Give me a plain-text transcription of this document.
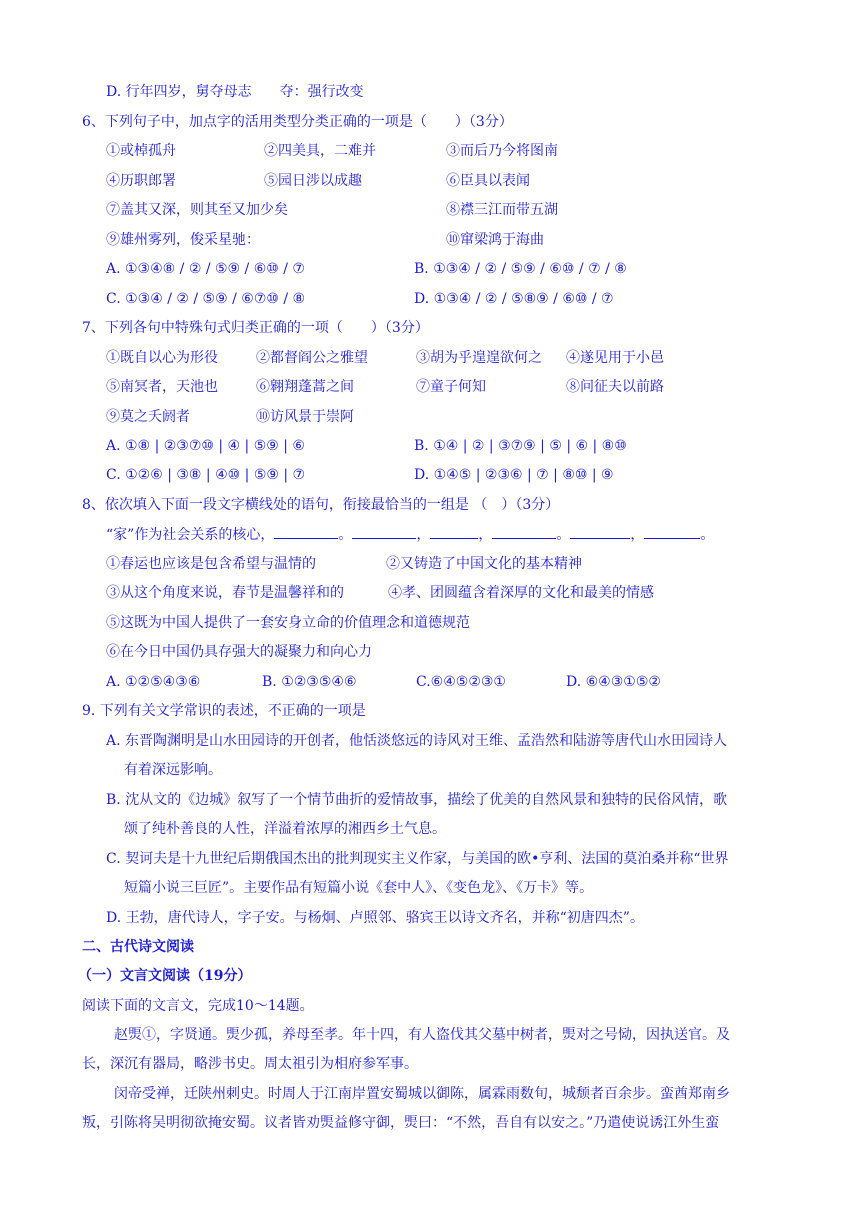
D. 行年四岁，舅夺母志　　夺：强行改变
6、下列句子中，加点字的活用类型分类正确的一项是（　　）（3分）
①或棹孤舟	②四美具，二难并	③而后乃今将图南
④历职郎署	⑤园日涉以成趣	⑥臣具以表闻
⑦盖其又深，则其至又加少矣	⑧襟三江而带五湖
⑨雄州雾列，俊采星驰：	⑩窜梁鸿于海曲
A. ①③④⑧ / ② / ⑤⑨ / ⑥⑩ / ⑦	B. ①③④ / ② / ⑤⑨ / ⑥⑩ / ⑦ / ⑧
C. ①③④ / ② / ⑤⑨ / ⑥⑦⑩ / ⑧	D. ①③④ / ② / ⑤⑧⑨ / ⑥⑩ / ⑦
7、下列各句中特殊句式归类正确的一项（　　）（3分）
①既自以心为形役	②都督阎公之雅望	③胡为乎遑遑欲何之 ④遂见用于小邑
⑤南冥者，天池也	⑥翱翔蓬蒿之间	⑦童子何知	⑧问征夫以前路
⑨莫之夭阏者	⑩访风景于崇阿
A. ①⑧ | ②③⑦⑩ | ④ | ⑤⑨ | ⑥	B. ①④ | ② | ③⑦⑨ | ⑤ | ⑥ | ⑧⑩
C. ①②⑥ | ③⑧ | ④⑩ | ⑤⑨ | ⑦	D. ①④⑤ | ②③⑥ | ⑦ | ⑧⑩ | ⑨
8、依次填入下面一段文字横线处的语句，衔接最恰当的一组是 （　）（3分）
“家”作为社会关系的核心，	。	，	，	。	，	。
①春运也应该是包含希望与温情的	②又铸造了中国文化的基本精神
③从这个角度来说，春节是温馨祥和的	④孝、团圆蕴含着深厚的文化和最美的情感
⑤这既为中国人提供了一套安身立命的价值理念和道德规范
⑥在今日中国仍具存强大的凝聚力和向心力
A. ①②⑤④③⑥	B. ①②③⑤④⑥	C.⑥④⑤②③①	D. ⑥④③①⑤②
9. 下列有关文学常识的表述，不正确的一项是
A. 东晋陶渊明是山水田园诗的开创者，他恬淡悠远的诗风对王维、孟浩然和陆游等唐代山水田园诗人
有着深远影响。
B. 沈从文的《边城》叙写了一个情节曲折的爱情故事，描绘了优美的自然风景和独特的民俗风情，歌
颂了纯朴善良的人性，洋溢着浓厚的湘西乡土气息。
C. 契诃夫是十九世纪后期俄国杰出的批判现实主义作家，与美国的欧•亨利、法国的莫泊桑并称“世界
短篇小说三巨匠”。主要作品有短篇小说《套中人》、《变色龙》、《万卡》等。
D. 王勃，唐代诗人，字子安。与杨炯、卢照邻、骆宾王以诗文齐名，并称“初唐四杰”。
二、古代诗文阅读
（一）文言文阅读（19分）
阅读下面的文言文，完成10～14题。
赵煚①，字贤通。煚少孤，养母至孝。年十四，有人盗伐其父墓中树者，煚对之号恸，因执送官。及
长，深沉有器局，略涉书史。周太祖引为相府参军事。
闵帝受禅，迁陕州刺史。时周人于江南岸置安蜀城以御陈，属霖雨数旬，城颓者百余步。蛮酋郑南乡
叛，引陈将吴明彻欲掩安蜀。议者皆劝煚益修守御，煚曰：“不然，吾自有以安之。”乃遣使说诱江外生蛮
